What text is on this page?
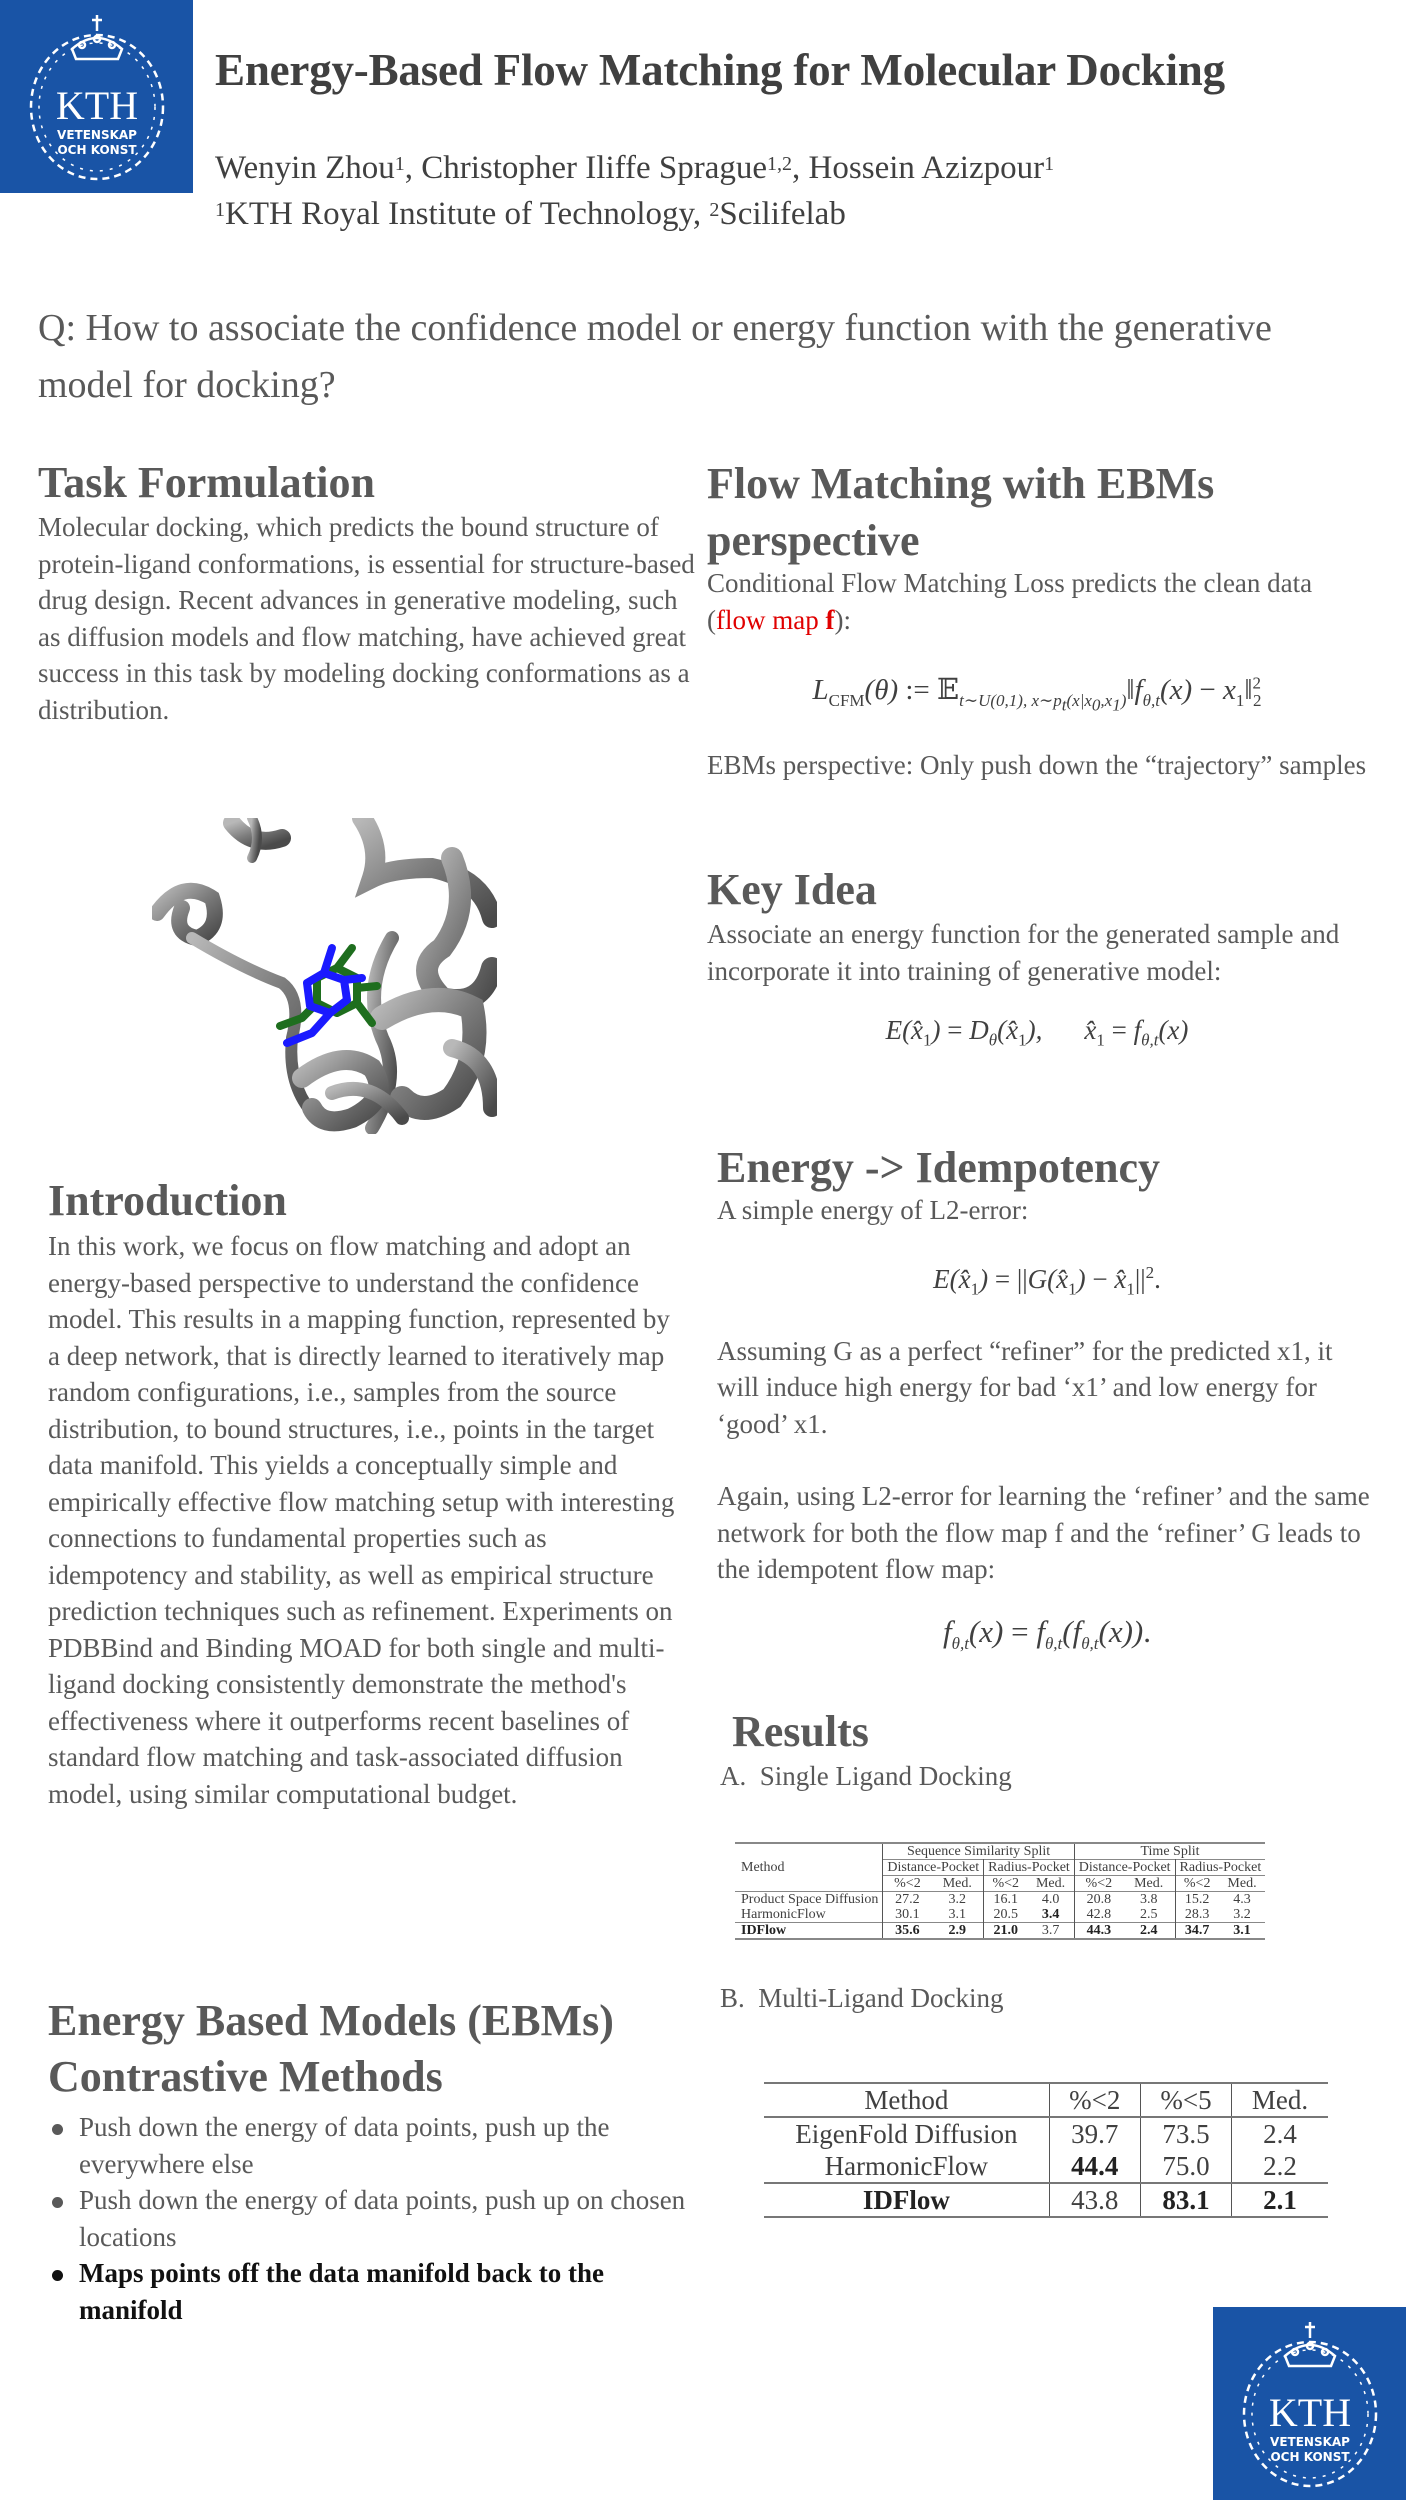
KTH
VETENSKAP
OCH KONST
Energy-Based Flow Matching for Molecular Docking
Wenyin Zhou$^1$, Christopher Iliffe Sprague$^{1,2}$, Hossein Azizpour$^1$
$^1$KTH Royal Institute of Technology, $^2$Scilifelab
Q: How to associate the confidence model or energy function with the generative model for docking?
Task Formulation
Molecular docking, which predicts the bound structure of protein-ligand conformations, is essential for structure-based drug design. Recent advances in generative modeling, such as diffusion models and flow matching, have achieved great success in this task by modeling docking conformations as a distribution.
Introduction
In this work, we focus on flow matching and adopt an energy-based perspective to understand the confidence model. This results in a mapping function, represented by a deep network, that is directly learned to iteratively map random configurations, i.e., samples from the source distribution, to bound structures, i.e., points in the target data manifold. This yields a conceptually simple and empirically effective flow matching setup with interesting connections to fundamental properties such as idempotency and stability, as well as empirical structure prediction techniques such as refinement. Experiments on PDBBind and Binding MOAD for both single and multi-ligand docking consistently demonstrate the method's effectiveness where it outperforms recent baselines of standard flow matching and task-associated diffusion model, using similar computational budget.
Energy Based Models (EBMs)
Contrastive Methods
Push down the energy of data points, push up the everywhere else
Push down the energy of data points, push up on chosen locations
Maps points off the data manifold back to the manifold
Flow Matching with EBMs perspective
Conditional Flow Matching Loss predicts the clean data (flow map f):
$L_{CFM}(\theta)$ := $𝔼_{t\sim U(0,1), x\sim p_t(x|x_0,x_1)}‖f_{\theta,t}(x)$ − $x_1‖^2_2$
EBMs perspective: Only push down the “trajectory” samples
Key Idea
Associate an energy function for the generated sample and incorporate it into training of generative model:
$E(x̂_1)$ = $D_\theta(x̂_1)$, $x̂_1 = f_{\theta,t}(x)$
Energy -> Idempotency
A simple energy of L2-error:
$E(x̂_1)$ = $||G(x̂_1)$ − $x̂_1||^2$.
Assuming G as a perfect “refiner” for the predicted x1, it will induce high energy for bad ‘x1’ and low energy for ‘good’ x1.
Again, using L2-error for learning the ‘refiner’ and the same network for both the flow map f and the ‘refiner’ G leads to the idempotent flow map:
$f_{\theta,t}(x) = f_{\theta,t}(f_{\theta,t}(x))$.
Results
A.  Single Ligand Docking
Method	Sequence Similarity Split				Time Split			
	Distance-Pocket		Radius-Pocket		Distance-Pocket		Radius-Pocket	
	%<2	Med.	%<2	Med.	%<2	Med.	%<2	Med.
Product Space Diffusion	27.2	3.2	16.1	4.0	20.8	3.8	15.2	4.3
HarmonicFlow	30.1	3.1	20.5	3.4	42.8	2.5	28.3	3.2
IDFlow	35.6	2.9	21.0	3.7	44.3	2.4	34.7	3.1
B.  Multi-Ligand Docking
Method	%<2	%<5	Med.
EigenFold Diffusion	39.7	73.5	2.4
HarmonicFlow	44.4	75.0	2.2
IDFlow	43.8	83.1	2.1
KTH
VETENSKAP
OCH KONST
